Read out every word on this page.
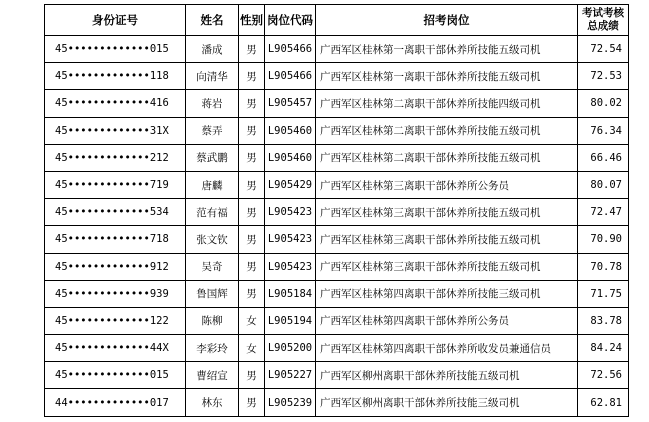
身份证号	姓名	性别	岗位代码	招考岗位	考试考核
总成绩
45•••••••••••••015	潘成	男	L905466	广西军区桂林第一离职干部休养所技能五级司机	72.54
45•••••••••••••118	向清华	男	L905466	广西军区桂林第一离职干部休养所技能五级司机	72.53
45•••••••••••••416	蒋岩	男	L905457	广西军区桂林第二离职干部休养所技能四级司机	80.02
45•••••••••••••31X	蔡弄	男	L905460	广西军区桂林第二离职干部休养所技能五级司机	76.34
45•••••••••••••212	蔡武鹏	男	L905460	广西军区桂林第二离职干部休养所技能五级司机	66.46
45•••••••••••••719	唐麟	男	L905429	广西军区桂林第三离职干部休养所公务员	80.07
45•••••••••••••534	范有福	男	L905423	广西军区桂林第三离职干部休养所技能五级司机	72.47
45•••••••••••••718	张文钦	男	L905423	广西军区桂林第三离职干部休养所技能五级司机	70.90
45•••••••••••••912	吴奇	男	L905423	广西军区桂林第三离职干部休养所技能五级司机	70.78
45•••••••••••••939	鲁国辉	男	L905184	广西军区桂林第四离职干部休养所技能三级司机	71.75
45•••••••••••••122	陈柳	女	L905194	广西军区桂林第四离职干部休养所公务员	83.78
45•••••••••••••44X	李彩玲	女	L905200	广西军区桂林第四离职干部休养所收发员兼通信员	84.24
45•••••••••••••015	曹绍宣	男	L905227	广西军区柳州离职干部休养所技能五级司机	72.56
44•••••••••••••017	林东	男	L905239	广西军区柳州离职干部休养所技能三级司机	62.81
